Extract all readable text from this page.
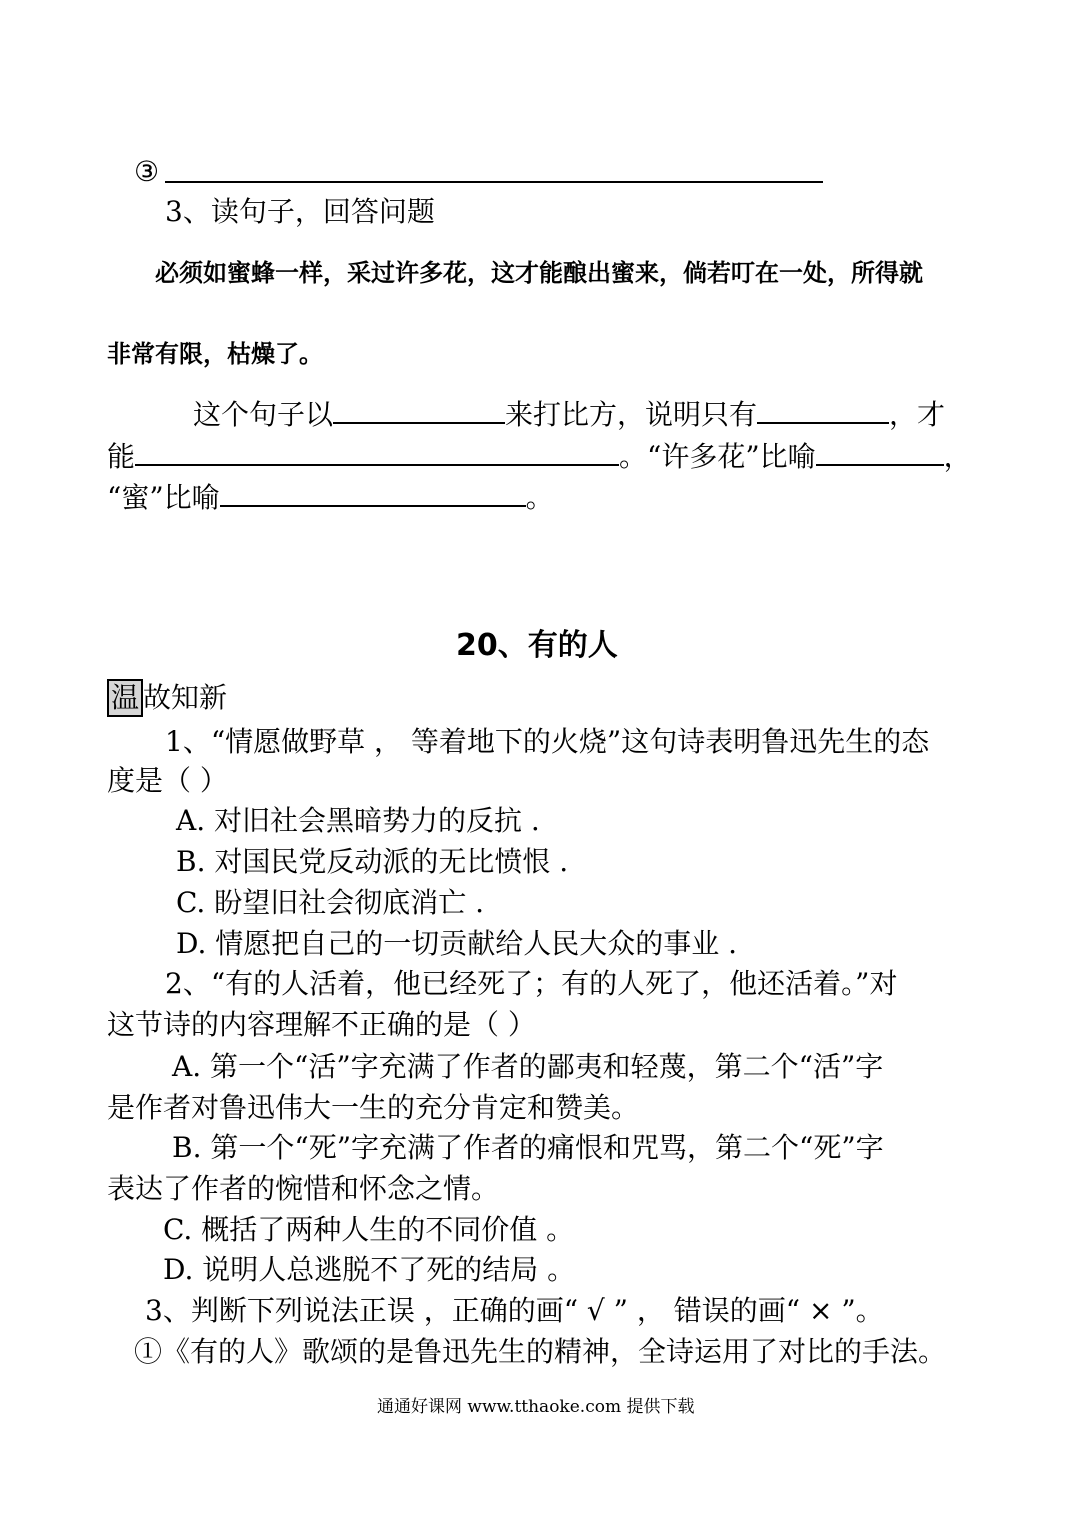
③
3、读句子，回答问题
必须如蜜蜂一样，采过许多花，这才能酿出蜜来，倘若叮在一处，所得就
非常有限，枯燥了。
这个句子以	来打比方，说明只有	，才
能	。“许多花”比喻	，
“蜜”比喻	。
20、有的人
温 故知新
1、“情愿做野草 ， 等着地下的火烧”这句诗表明鲁迅先生的态
度是（ ）
A. 对旧社会黑暗势力的反抗 .
B. 对国民党反动派的无比愤恨 .
C. 盼望旧社会彻底消亡 .
D. 情愿把自己的一切贡献给人民大众的事业 .
2、“有的人活着，他已经死了；有的人死了，他还活着。”对
这节诗的内容理解不正确的是（ ）
A. 第一个“活”字充满了作者的鄙夷和轻蔑，第二个“活”字
是作者对鲁迅伟大一生的充分肯定和赞美。
B. 第一个“死”字充满了作者的痛恨和咒骂，第二个“死”字
表达了作者的惋惜和怀念之情。
C. 概括了两种人生的不同价值 。
D. 说明人总逃脱不了死的结局 。
3、判断下列说法正误 ，正确的画“ √ ” ， 错误的画“ × ”。
①《有的人》歌颂的是鲁迅先生的精神，全诗运用了对比的手法。
通通好课网 www.tthaoke.com 提供下载
